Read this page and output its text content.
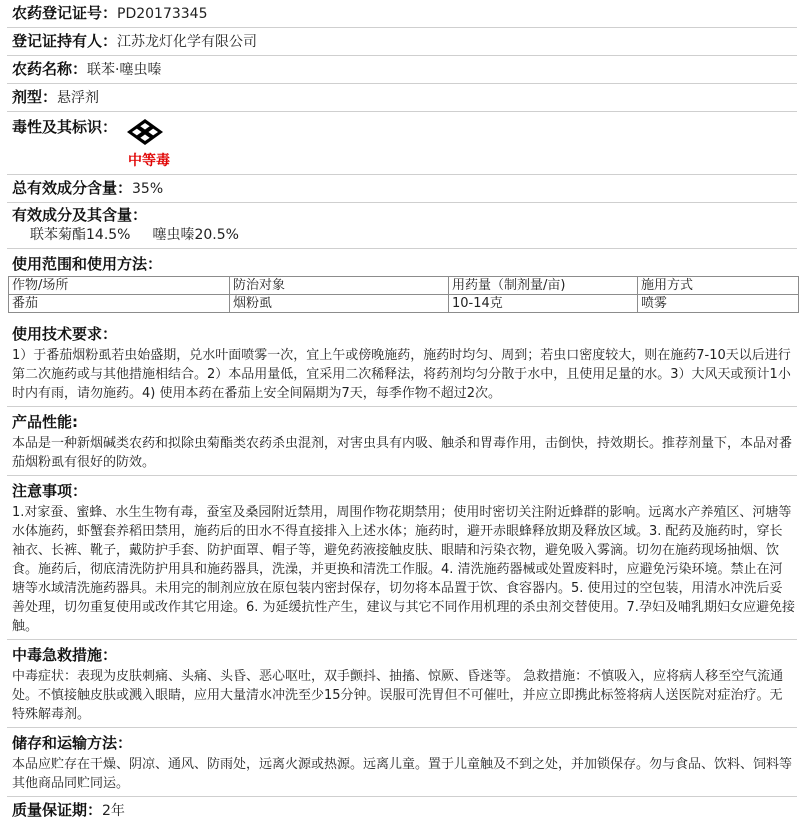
农药登记证号：PD20173345
登记证持有人：江苏龙灯化学有限公司
农药名称：联苯·噻虫嗪
剂型：悬浮剂
毒性及其标识：
中等毒
总有效成分含量：35%
有效成分及其含量：
联苯菊酯14.5% 噻虫嗪20.5%
使用范围和使用方法：
作物/场所	防治对象	用药量（制剂量/亩)	施用方式
番茄	烟粉虱	10-14克	喷雾
使用技术要求：
1）于番茄烟粉虱若虫始盛期，兑水叶面喷雾一次，宜上午或傍晚施药，施药时均匀、周到；若虫口密度较大，则在施药7-10天以后进行第二次施药或与其他措施相结合。2）本品用量低，宜采用二次稀释法，将药剂均匀分散于水中，且使用足量的水。3）大风天或预计1小时内有雨，请勿施药。4) 使用本药在番茄上安全间隔期为7天，每季作物不超过2次。
产品性能:
本品是一种新烟碱类农药和拟除虫菊酯类农药杀虫混剂，对害虫具有内吸、触杀和胃毒作用，击倒快，持效期长。推荐剂量下，本品对番茄烟粉虱有很好的防效。
注意事项：
1.对家蚕、蜜蜂、水生生物有毒，蚕室及桑园附近禁用，周围作物花期禁用；使用时密切关注附近蜂群的影响。远离水产养殖区、河塘等水体施药，虾蟹套养稻田禁用，施药后的田水不得直接排入上述水体；施药时，避开赤眼蜂释放期及释放区域。3. 配药及施药时，穿长袖衣、长裤、靴子，戴防护手套、防护面罩、帽子等，避免药液接触皮肤、眼睛和污染衣物，避免吸入雾滴。切勿在施药现场抽烟、饮食。施药后，彻底清洗防护用具和施药器具，洗澡，并更换和清洗工作服。4. 清洗施药器械或处置废料时，应避免污染环境。禁止在河塘等水域清洗施药器具。未用完的制剂应放在原包装内密封保存，切勿将本品置于饮、食容器内。5. 使用过的空包装，用清水冲洗后妥善处理，切勿重复使用或改作其它用途。6. 为延缓抗性产生，建议与其它不同作用机理的杀虫剂交替使用。7.孕妇及哺乳期妇女应避免接触。
中毒急救措施：
中毒症状：表现为皮肤刺痛、头痛、头昏、恶心呕吐，双手颤抖、抽搐、惊厥、昏迷等。 急救措施：不慎吸入，应将病人移至空气流通处。不慎接触皮肤或溅入眼睛，应用大量清水冲洗至少15分钟。误服可洗胃但不可催吐，并应立即携此标签将病人送医院对症治疗。无特殊解毒剂。
储存和运输方法：
本品应贮存在干燥、阴凉、通风、防雨处，远离火源或热源。远离儿童。置于儿童触及不到之处，并加锁保存。勿与食品、饮料、饲料等其他商品同贮同运。
质量保证期：2年
